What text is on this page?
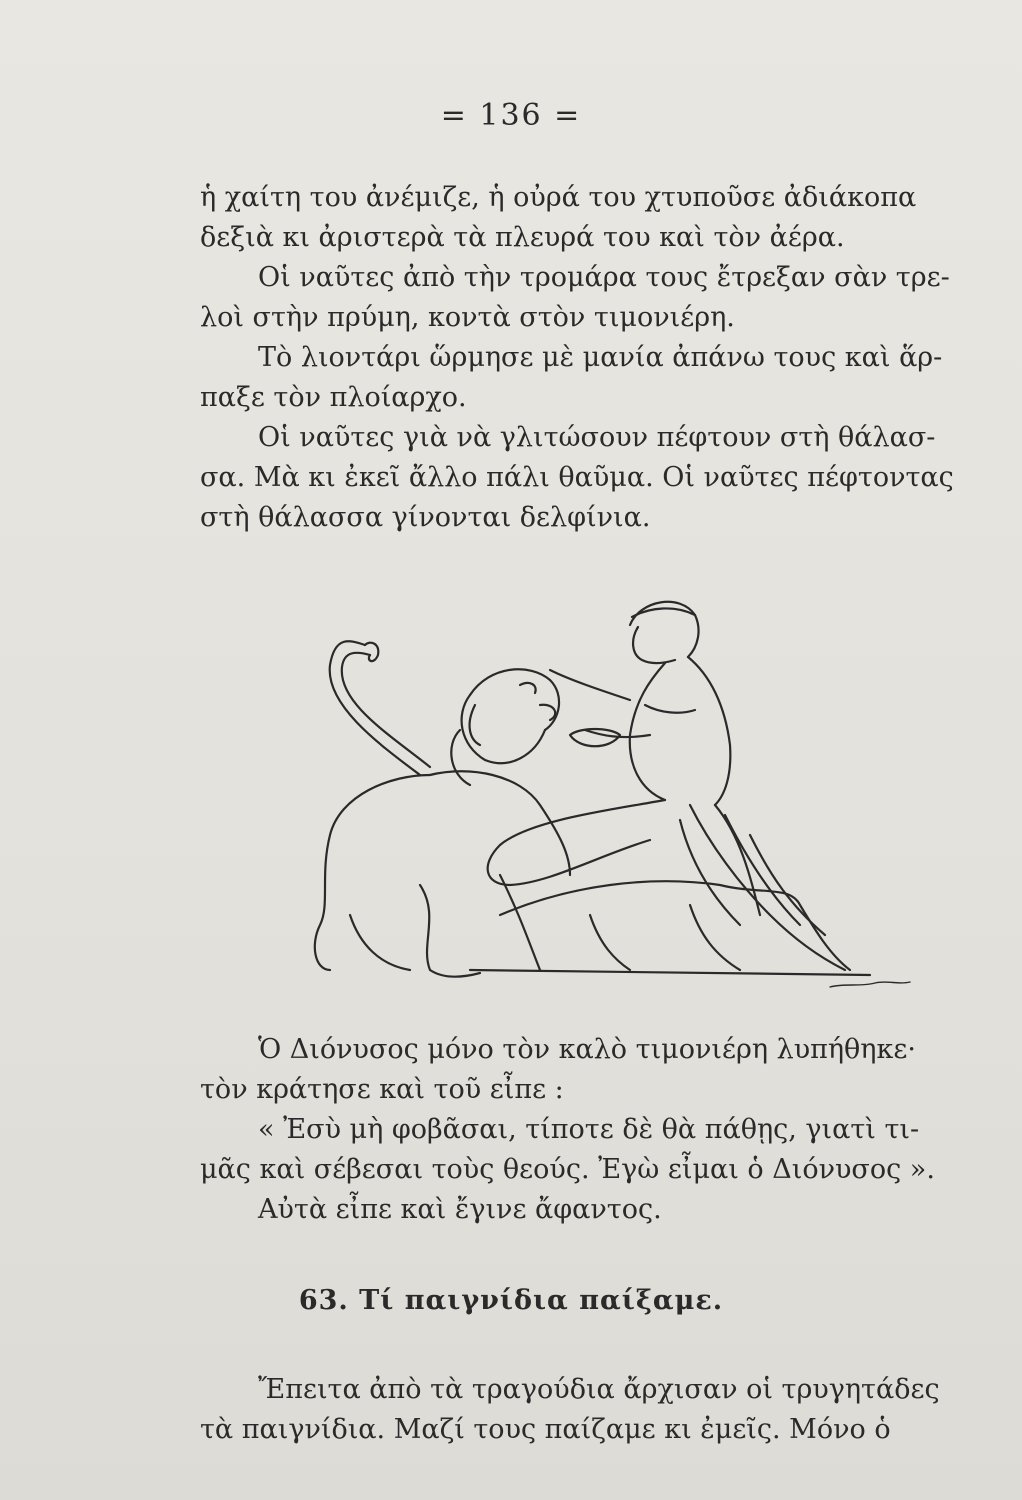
= 136 =
ἡ χαίτη του ἀνέμιζε, ἡ οὐρά του χτυποῦσε ἀδιάκοπα
δεξιὰ κι ἀριστερὰ τὰ πλευρά του καὶ τὸν ἀέρα.
Οἱ ναῦτες ἀπὸ τὴν τρομάρα τους ἔτρεξαν σὰν τρε-
λοὶ στὴν πρύμη, κοντὰ στὸν τιμονιέρη.
Τὸ λιοντάρι ὥρμησε μὲ μανία ἀπάνω τους καὶ ἅρ-
παξε τὸν πλοίαρχο.
Οἱ ναῦτες γιὰ νὰ γλιτώσουν πέφτουν στὴ θάλασ-
σα. Μὰ κι ἐκεῖ ἄλλο πάλι θαῦμα. Οἱ ναῦτες πέφτοντας
στὴ θάλασσα γίνονται δελφίνια.
Ὁ Διόνυσος μόνο τὸν καλὸ τιμονιέρη λυπήθηκε·
τὸν κράτησε καὶ τοῦ εἶπε :
« Ἐσὺ μὴ φοβᾶσαι, τίποτε δὲ θὰ πάθῃς, γιατὶ τι-
μᾶς καὶ σέβεσαι τοὺς θεούς. Ἐγὼ εἶμαι ὁ Διόνυσος ».
Αὐτὰ εἶπε καὶ ἔγινε ἄφαντος.
63. Τί παιγνίδια παίξαμε.
Ἔπειτα ἀπὸ τὰ τραγούδια ἄρχισαν οἱ τρυγητάδες
τὰ παιγνίδια. Μαζί τους παίζαμε κι ἐμεῖς. Μόνο ὁ
